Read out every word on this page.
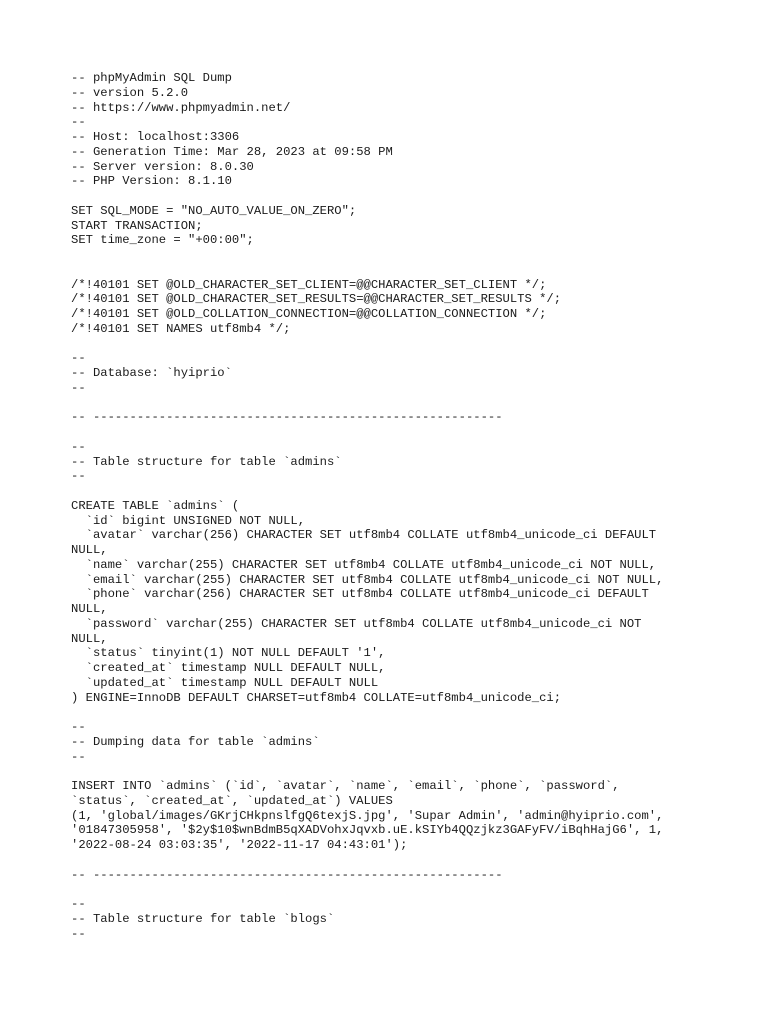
-- phpMyAdmin SQL Dump
-- version 5.2.0
-- https://www.phpmyadmin.net/
--
-- Host: localhost:3306
-- Generation Time: Mar 28, 2023 at 09:58 PM
-- Server version: 8.0.30
-- PHP Version: 8.1.10
SET SQL_MODE = "NO_AUTO_VALUE_ON_ZERO";
START TRANSACTION;
SET time_zone = "+00:00";
/*!40101 SET @OLD_CHARACTER_SET_CLIENT=@@CHARACTER_SET_CLIENT */;
/*!40101 SET @OLD_CHARACTER_SET_RESULTS=@@CHARACTER_SET_RESULTS */;
/*!40101 SET @OLD_COLLATION_CONNECTION=@@COLLATION_CONNECTION */;
/*!40101 SET NAMES utf8mb4 */;
--
-- Database: `hyiprio`
--
-- --------------------------------------------------------
--
-- Table structure for table `admins`
--
CREATE TABLE `admins` (
`id` bigint UNSIGNED NOT NULL,
`avatar` varchar(256) CHARACTER SET utf8mb4 COLLATE utf8mb4_unicode_ci DEFAULT
NULL,
`name` varchar(255) CHARACTER SET utf8mb4 COLLATE utf8mb4_unicode_ci NOT NULL,
`email` varchar(255) CHARACTER SET utf8mb4 COLLATE utf8mb4_unicode_ci NOT NULL,
`phone` varchar(256) CHARACTER SET utf8mb4 COLLATE utf8mb4_unicode_ci DEFAULT
NULL,
`password` varchar(255) CHARACTER SET utf8mb4 COLLATE utf8mb4_unicode_ci NOT
NULL,
`status` tinyint(1) NOT NULL DEFAULT '1',
`created_at` timestamp NULL DEFAULT NULL,
`updated_at` timestamp NULL DEFAULT NULL
) ENGINE=InnoDB DEFAULT CHARSET=utf8mb4 COLLATE=utf8mb4_unicode_ci;
--
-- Dumping data for table `admins`
--
INSERT INTO `admins` (`id`, `avatar`, `name`, `email`, `phone`, `password`,
`status`, `created_at`, `updated_at`) VALUES
(1, 'global/images/GKrjCHkpnslfgQ6texjS.jpg', 'Supar Admin', 'admin@hyiprio.com',
'01847305958', '$2y$10$wnBdmB5qXADVohxJqvxb.uE.kSIYb4QQzjkz3GAFyFV/iBqhHajG6', 1,
'2022-08-24 03:03:35', '2022-11-17 04:43:01');
-- --------------------------------------------------------
--
-- Table structure for table `blogs`
--
